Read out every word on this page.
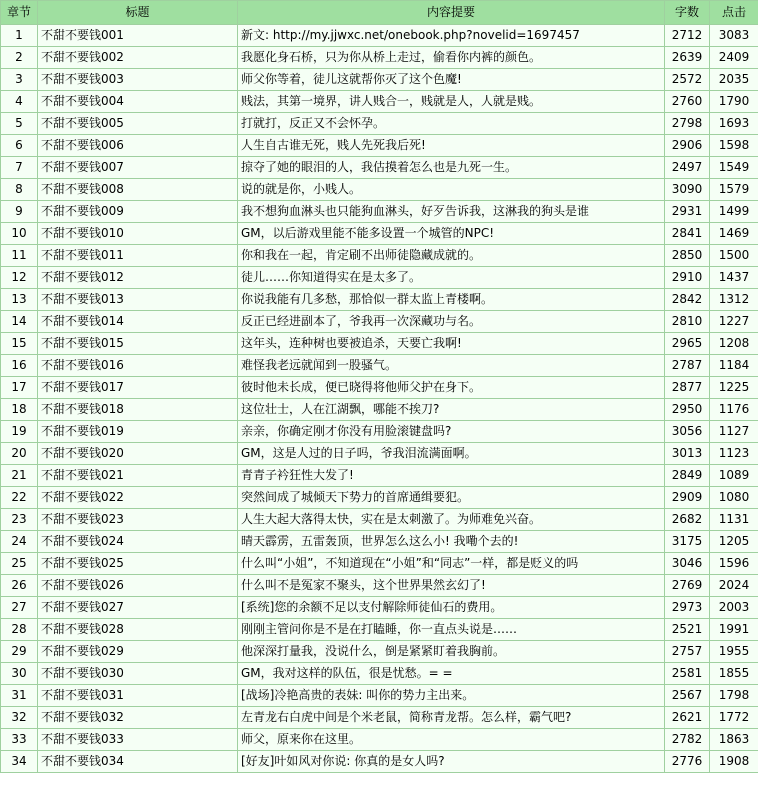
章节	标题	内容提要	字数	点击
1	不甜不要钱001	新文: http://my.jjwxc.net/onebook.php?novelid=1697457	2712	3083
2	不甜不要钱002	我愿化身石桥，只为你从桥上走过，偷看你内裤的颜色。	2639	2409
3	不甜不要钱003	师父你等着，徒儿这就帮你灭了这个色魔!	2572	2035
4	不甜不要钱004	贱法，其第一境界，讲人贱合一，贱就是人，人就是贱。	2760	1790
5	不甜不要钱005	打就打，反正又不会怀孕。	2798	1693
6	不甜不要钱006	人生自古谁无死，贱人先死我后死!	2906	1598
7	不甜不要钱007	掠夺了她的眼泪的人，我估摸着怎么也是九死一生。	2497	1549
8	不甜不要钱008	说的就是你，小贱人。	3090	1579
9	不甜不要钱009	我不想狗血淋头也只能狗血淋头，好歹告诉我，这淋我的狗头是谁	2931	1499
10	不甜不要钱010	GM，以后游戏里能不能多设置一个城管的NPC!	2841	1469
11	不甜不要钱011	你和我在一起，肯定刷不出师徒隐藏成就的。	2850	1500
12	不甜不要钱012	徒儿……你知道得实在是太多了。	2910	1437
13	不甜不要钱013	你说我能有几多愁，那恰似一群太监上青楼啊。	2842	1312
14	不甜不要钱014	反正已经进副本了，爷我再一次深藏功与名。	2810	1227
15	不甜不要钱015	这年头，连种树也要被追杀，天要亡我啊!	2965	1208
16	不甜不要钱016	难怪我老远就闻到一股骚气。	2787	1184
17	不甜不要钱017	彼时他未长成，便已晓得将他师父护在身下。	2877	1225
18	不甜不要钱018	这位壮士，人在江湖飘，哪能不挨刀?	2950	1176
19	不甜不要钱019	亲亲，你确定刚才你没有用脸滚键盘吗?	3056	1127
20	不甜不要钱020	GM，这是人过的日子吗，爷我泪流满面啊。	3013	1123
21	不甜不要钱021	青青子衿狂性大发了!	2849	1089
22	不甜不要钱022	突然间成了城倾天下势力的首席通缉要犯。	2909	1080
23	不甜不要钱023	人生大起大落得太快，实在是太刺激了。为师难免兴奋。	2682	1131
24	不甜不要钱024	晴天霹雳，五雷轰顶，世界怎么这么小! 我嘞个去的!	3175	1205
25	不甜不要钱025	什么叫“小姐”，不知道现在“小姐”和“同志”一样，都是贬义的吗	3046	1596
26	不甜不要钱026	什么叫不是冤家不聚头，这个世界果然玄幻了!	2769	2024
27	不甜不要钱027	[系统]您的余额不足以支付解除师徒仙石的费用。	2973	2003
28	不甜不要钱028	刚刚主管问你是不是在打瞌睡，你一直点头说是……	2521	1991
29	不甜不要钱029	他深深打量我，没说什么，倒是紧紧盯着我胸前。	2757	1955
30	不甜不要钱030	GM，我对这样的队伍，很是忧愁。= =	2581	1855
31	不甜不要钱031	[战场]冷艳高贵的表妹: 叫你的势力主出来。	2567	1798
32	不甜不要钱032	左青龙右白虎中间是个米老鼠，简称青龙帮。怎么样，霸气吧?	2621	1772
33	不甜不要钱033	师父，原来你在这里。	2782	1863
34	不甜不要钱034	[好友]叶如风对你说: 你真的是女人吗?	2776	1908
